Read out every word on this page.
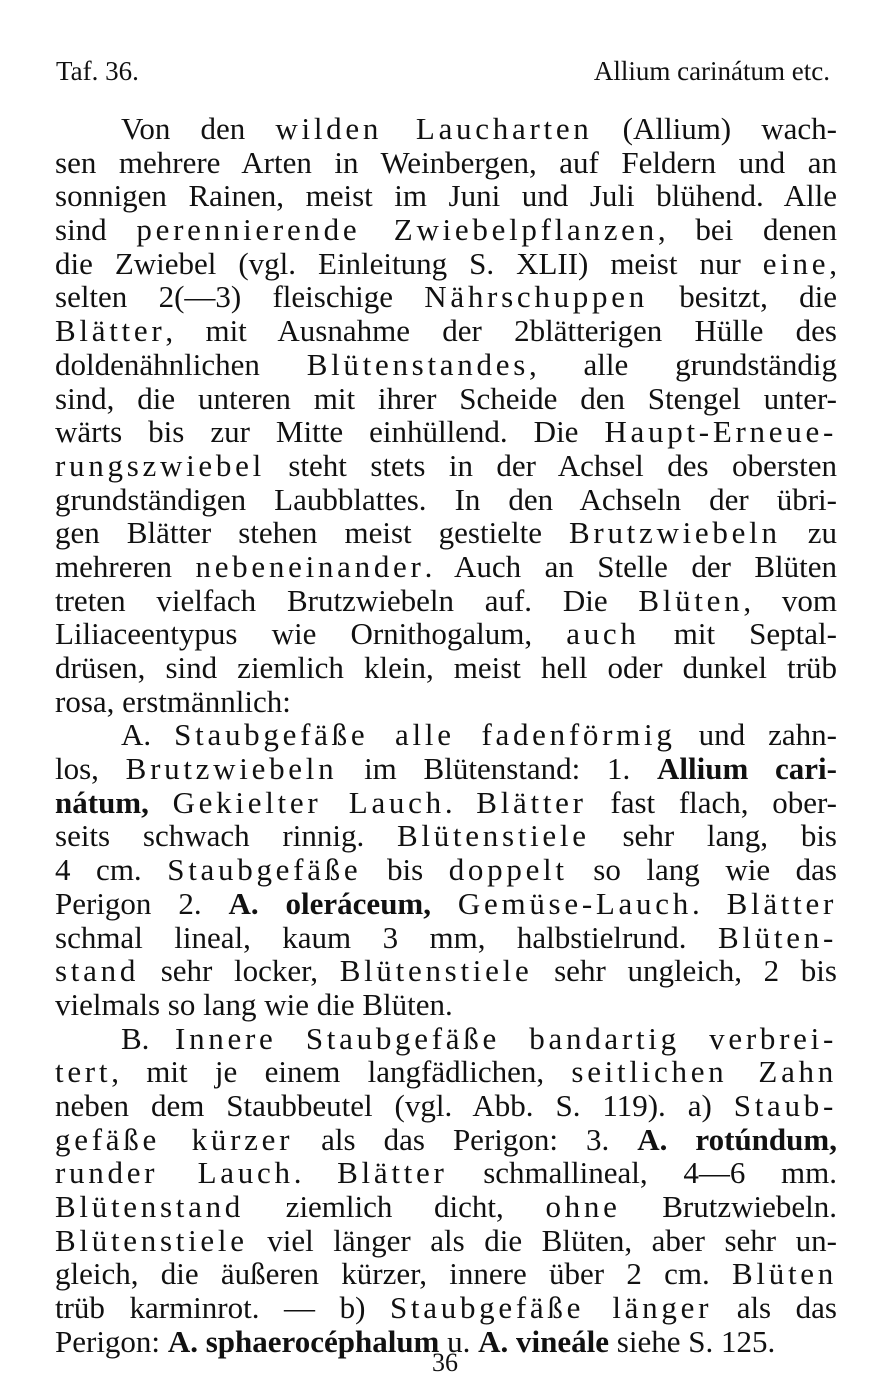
Taf. 36.	Allium carinátum etc.
Von den wilden Laucharten (Allium) wach-
sen mehrere Arten in Weinbergen, auf Feldern und an
sonnigen Rainen, meist im Juni und Juli blühend. Alle
sind perennierende Zwiebelpflanzen, bei denen
die Zwiebel (vgl. Einleitung S. XLII) meist nur eine,
selten 2(—3) fleischige Nährschuppen besitzt, die
Blätter, mit Ausnahme der 2blätterigen Hülle des
doldenähnlichen Blütenstandes, alle grundständig
sind, die unteren mit ihrer Scheide den Stengel unter-
wärts bis zur Mitte einhüllend. Die Haupt-Erneue-
rungszwiebel steht stets in der Achsel des obersten
grundständigen Laubblattes. In den Achseln der übri-
gen Blätter stehen meist gestielte Brutzwiebeln zu
mehreren nebeneinander. Auch an Stelle der Blüten
treten vielfach Brutzwiebeln auf. Die Blüten, vom
Liliaceentypus wie Ornithogalum, auch mit Septal-
drüsen, sind ziemlich klein, meist hell oder dunkel trüb
rosa, erstmännlich:
A. Staubgefäße alle fadenförmig und zahn-
los, Brutzwiebeln im Blütenstand: 1. Allium cari-
nátum, Gekielter Lauch. Blätter fast flach, ober-
seits schwach rinnig. Blütenstiele sehr lang, bis
4 cm. Staubgefäße bis doppelt so lang wie das
Perigon 2. A. oleráceum, Gemüse-Lauch. Blätter
schmal lineal, kaum 3 mm, halbstielrund. Blüten-
stand sehr locker, Blütenstiele sehr ungleich, 2 bis
vielmals so lang wie die Blüten.
B. Innere Staubgefäße bandartig verbrei-
tert, mit je einem langfädlichen, seitlichen Zahn
neben dem Staubbeutel (vgl. Abb. S. 119). a) Staub-
gefäße kürzer als das Perigon: 3. A. rotúndum,
runder Lauch. Blätter schmallineal, 4—6 mm.
Blütenstand ziemlich dicht, ohne Brutzwiebeln.
Blütenstiele viel länger als die Blüten, aber sehr un-
gleich, die äußeren kürzer, innere über 2 cm. Blüten
trüb karminrot. — b) Staubgefäße länger als das
Perigon: A. sphaerocéphalum u. A. vineále siehe S. 125.
36
